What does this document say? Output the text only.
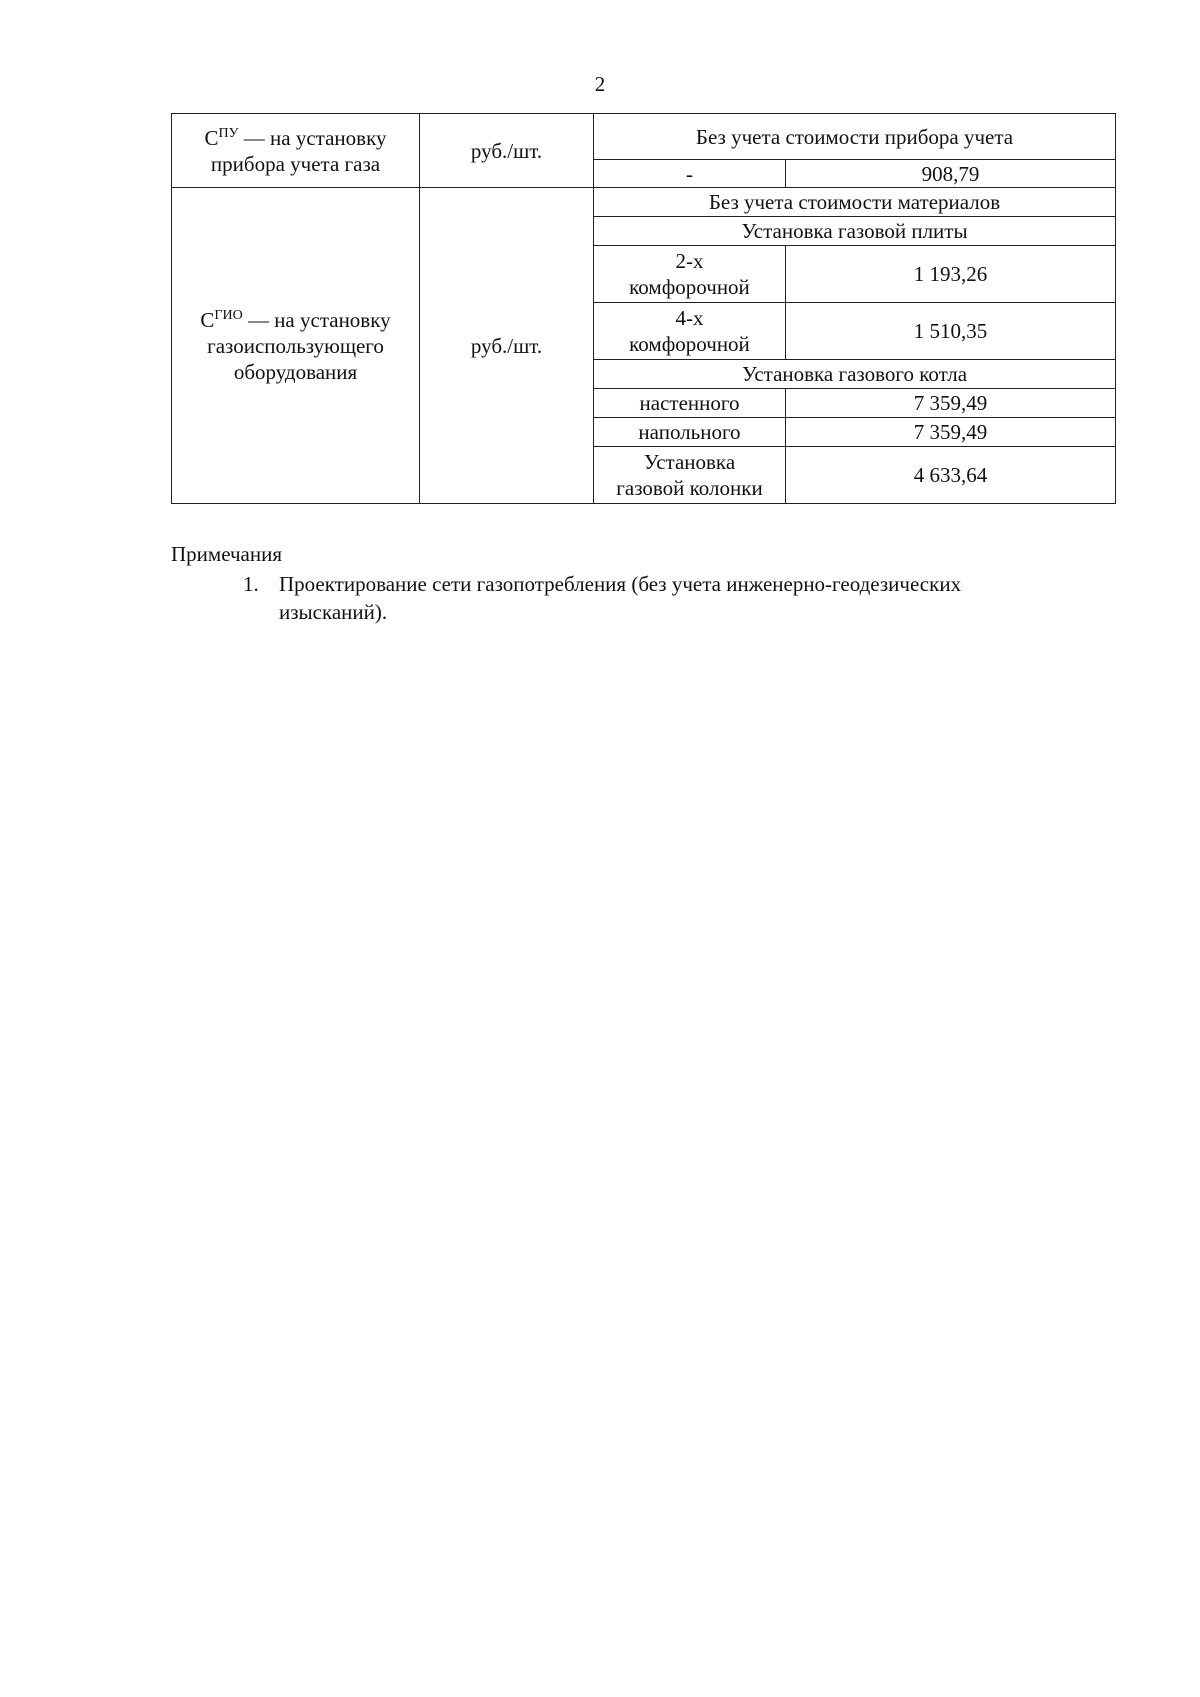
2
$С^{ПУ}$ — на установку
прибора учета газа	руб./шт.	Без учета стоимости прибора учета	
		-	908,79

$С^{ГИО}$ — на установку
газоиспользующего
оборудования	руб./шт.	Без учета стоимости материалов	
		Установка газовой плиты	

		2-х
комфорочной	1 193,26

		4-х
комфорочной	1 510,35
		Установка газового котла	
		настенного	7 359,49
		напольного	7 359,49

		Установка
газовой колонки	4 633,64
Примечания
1. Проектирование сети газопотребления (без учета инженерно-геодезических
изысканий).
